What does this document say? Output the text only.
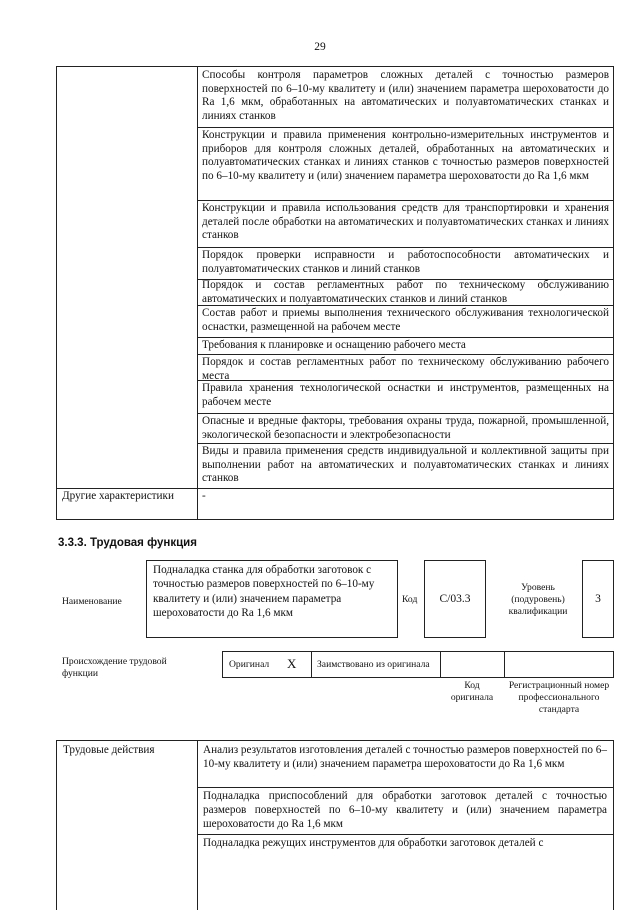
29
Способы контроля параметров сложных деталей с точностью размеров поверхностей по 6–10-му квалитету и (или) значением параметра шероховатости до Ra 1,6 мкм, обработанных на автоматических и полуавтоматических станках и линиях станков
Конструкции и правила применения контрольно-измерительных инструментов и приборов для контроля сложных деталей, обработанных на автоматических и полуавтоматических станках и линиях станков с точностью размеров поверхностей по 6–10-му квалитету и (или) значением параметра шероховатости до Ra 1,6 мкм
Конструкции и правила использования средств для транспортировки и хранения деталей после обработки на автоматических и полуавтоматических станках и линиях станков
Порядок проверки исправности и работоспособности автоматических и полуавтоматических станков и линий станков
Порядок и состав регламентных работ по техническому обслуживанию автоматических и полуавтоматических станков и линий станков
Состав работ и приемы выполнения технического обслуживания технологической оснастки, размещенной на рабочем месте
Требования к планировке и оснащению рабочего места
Порядок и состав регламентных работ по техническому обслуживанию рабочего места
Правила хранения технологической оснастки и инструментов, размещенных на рабочем месте
Опасные и вредные факторы, требования охраны труда, пожарной, промышленной, экологической безопасности и электробезопасности
Виды и правила применения средств индивидуальной и коллективной защиты при выполнении работ на автоматических и полуавтоматических станках и линиях станков
Другие характеристики	-
3.3.3. Трудовая функция
Наименование
Подналадка станка для обработки заготовок с точностью размеров поверхностей по 6–10-му квалитету и (или) значением параметра шероховатости до Ra 1,6 мкм
Код	C/03.3
Уровень (подуровень) квалификации
3
Происхождение трудовой функции
Оригинал X	Заимствовано из оригинала
Код оригинала
Регистрационный номер профессионального стандарта
Трудовые действия	Анализ результатов изготовления деталей с точностью размеров поверхностей по 6–10-му квалитету и (или) значением параметра шероховатости до Ra 1,6 мкм
Подналадка приспособлений для обработки заготовок деталей с точностью размеров поверхностей по 6–10-му квалитету и (или) значением параметра шероховатости до Ra 1,6 мкм
Подналадка режущих инструментов для обработки заготовок деталей с
